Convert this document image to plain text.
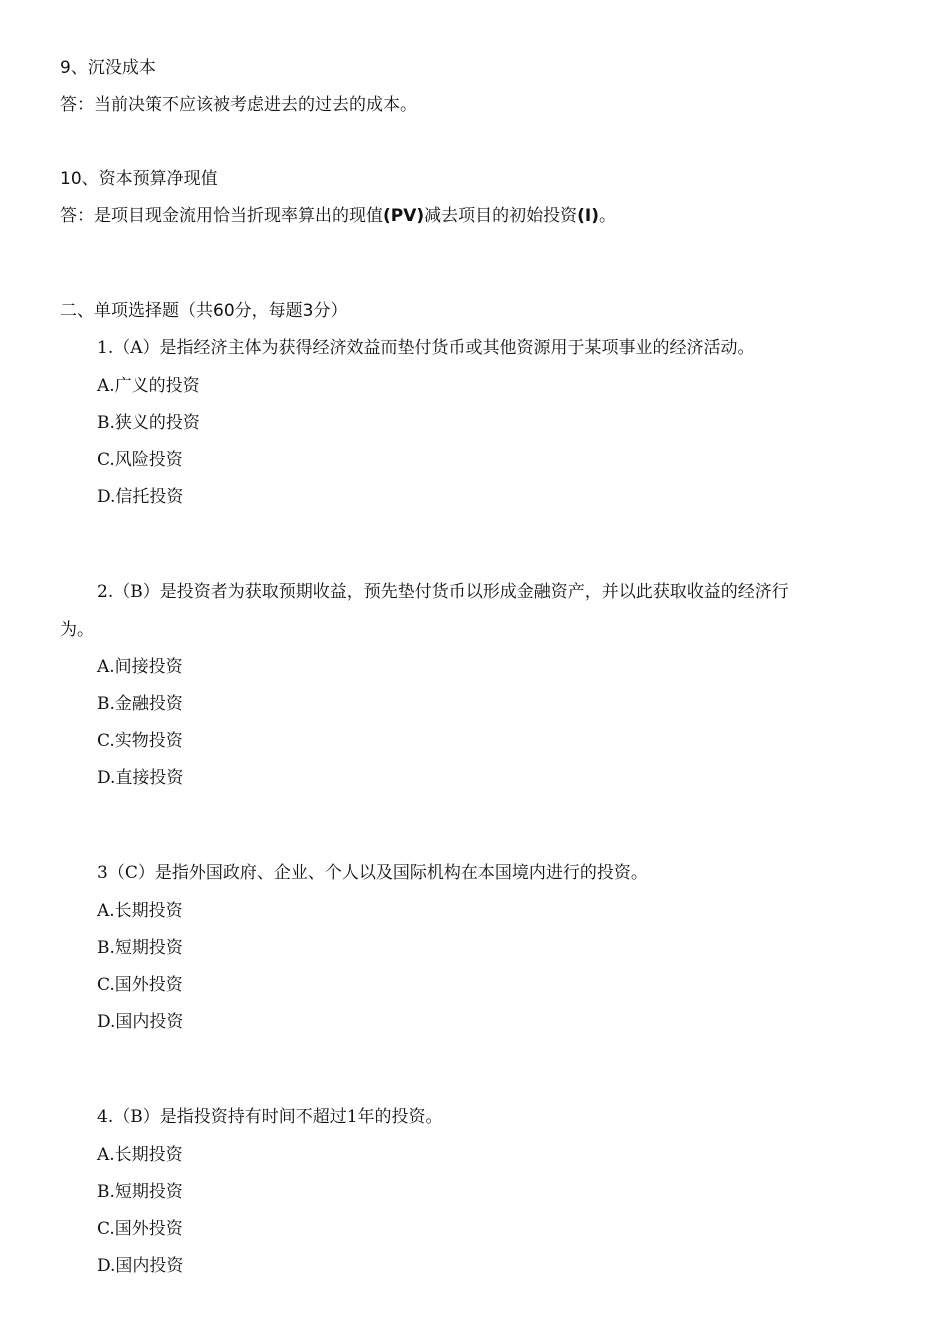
9、沉没成本
答：当前决策不应该被考虑进去的过去的成本。
10、资本预算净现值
答：是项目现金流用恰当折现率算出的现值(PV)减去项目的初始投资(I)。
二、单项选择题（共60分，每题3分）
1.（A）是指经济主体为获得经济效益而垫付货币或其他资源用于某项事业的经济活动。
A.广义的投资
B.狭义的投资
C.风险投资
D.信托投资
2.（B）是投资者为获取预期收益，预先垫付货币以形成金融资产，并以此获取收益的经济行
为。
A.间接投资
B.金融投资
C.实物投资
D.直接投资
3（C）是指外国政府、企业、个人以及国际机构在本国境内进行的投资。
A.长期投资
B.短期投资
C.国外投资
D.国内投资
4.（B）是指投资持有时间不超过1年的投资。
A.长期投资
B.短期投资
C.国外投资
D.国内投资
